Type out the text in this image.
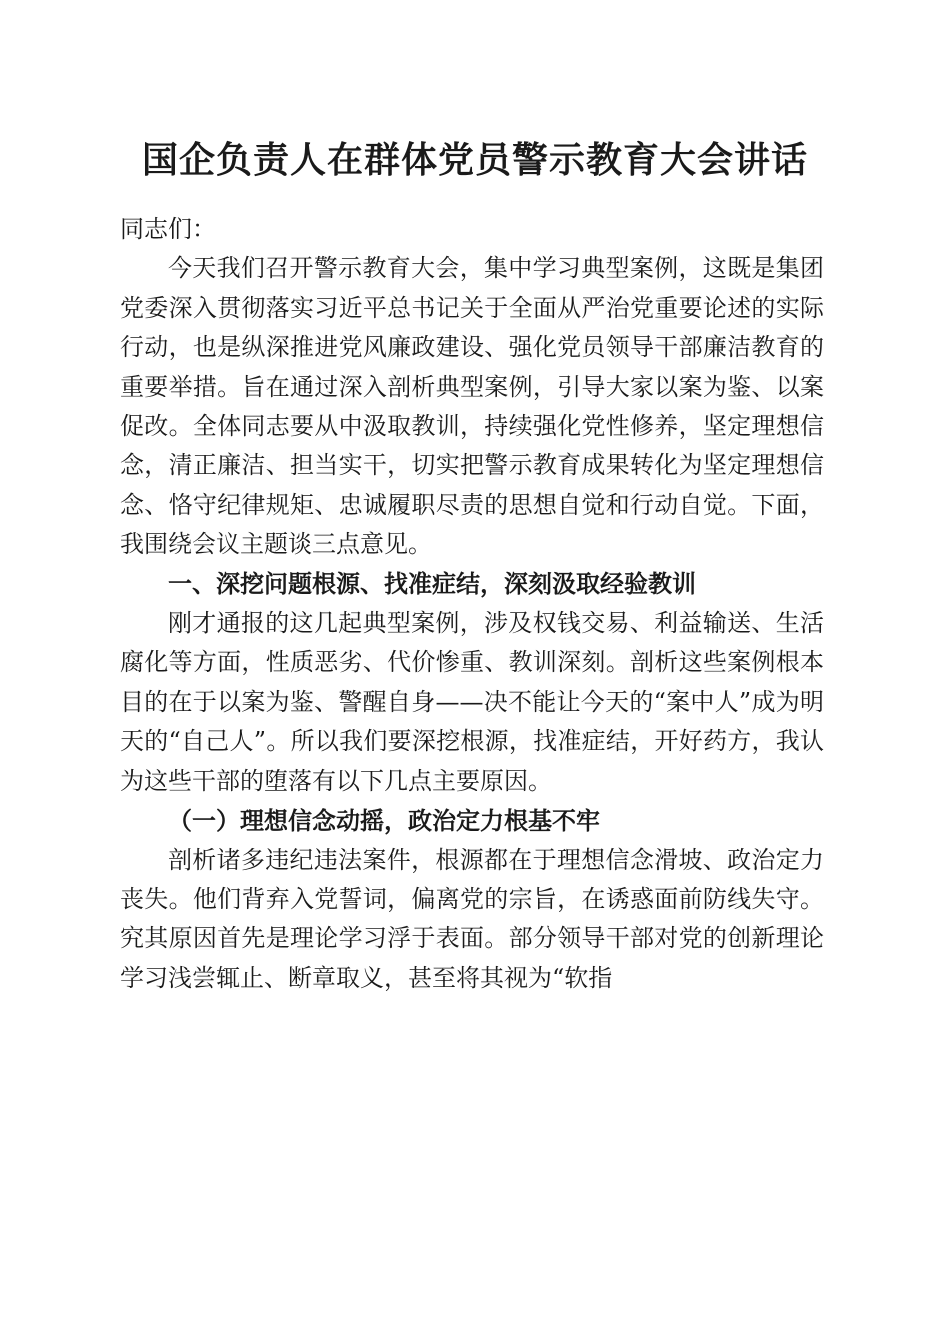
国企负责人在群体党员警示教育大会讲话

同志们：

今天我们召开警示教育大会，集中学习典型案例，这既是集团党委深入贯彻落实习近平总书记关于全面从严治党重要论述的实际行动，也是纵深推进党风廉政建设、强化党员领导干部廉洁教育的重要举措。旨在通过深入剖析典型案例，引导大家以案为鉴、以案促改。全体同志要从中汲取教训，持续强化党性修养，坚定理想信念，清正廉洁、担当实干，切实把警示教育成果转化为坚定理想信念、恪守纪律规矩、忠诚履职尽责的思想自觉和行动自觉。下面，我围绕会议主题谈三点意见。

一、深挖问题根源、找准症结，深刻汲取经验教训

刚才通报的这几起典型案例，涉及权钱交易、利益输送、生活腐化等方面，性质恶劣、代价惨重、教训深刻。剖析这些案例根本目的在于以案为鉴、警醒自身——决不能让今天的“案中人”成为明天的“自己人”。所以我们要深挖根源，找准症结，开好药方，我认为这些干部的堕落有以下几点主要原因。

（一）理想信念动摇，政治定力根基不牢

剖析诸多违纪违法案件，根源都在于理想信念滑坡、政治定力丧失。他们背弃入党誓词，偏离党的宗旨，在诱惑面前防线失守。究其原因首先是理论学习浮于表面。部分领导干部对党的创新理论学习浅尝辄止、断章取义，甚至将其视为“软指
